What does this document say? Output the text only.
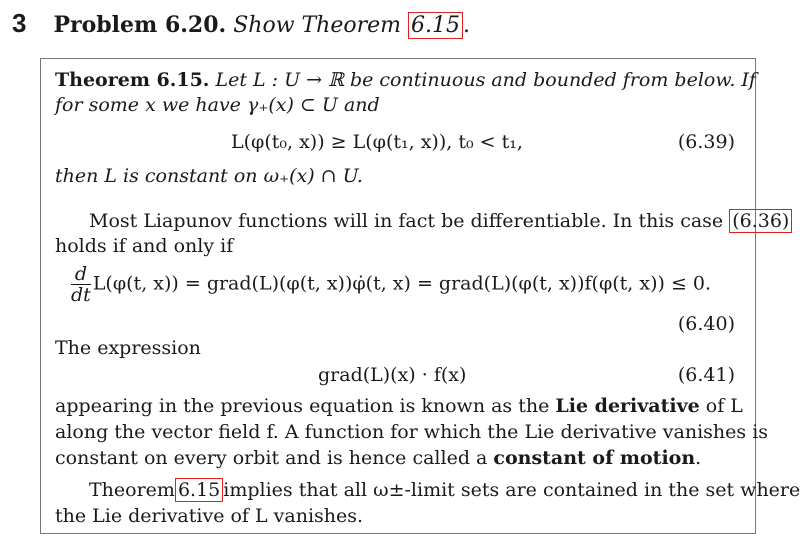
3 Problem 6.20. Show Theorem 6.15 .
Theorem 6.15. Let L : U → ℝ be continuous and bounded from below. If
for some x we have γ₊(x) ⊂ U and
L(φ(t₀, x)) ≥ L(φ(t₁, x)), t₀ < t₁,	(6.39)
then L is constant on ω₊(x) ∩ U.
Most Liapunov functions will in fact be differentiable. In this case (6.36)
holds if and only if
$\frac{d}{dt} L(\varphi(t$, x)) = grad(L)(φ(t, x))φ̇(t, x) = grad(L)(φ(t, x))f(φ(t, x)) ≤ 0.
(6.40)
The expression
grad(L)(x) · f(x)	(6.41)
appearing in the previous equation is known as the Lie derivative of L
along the vector field f. A function for which the Lie derivative vanishes is
constant on every orbit and is hence called a constant of motion.
Theorem 6.15 implies that all ω±-limit sets are contained in the set where
the Lie derivative of L vanishes.
